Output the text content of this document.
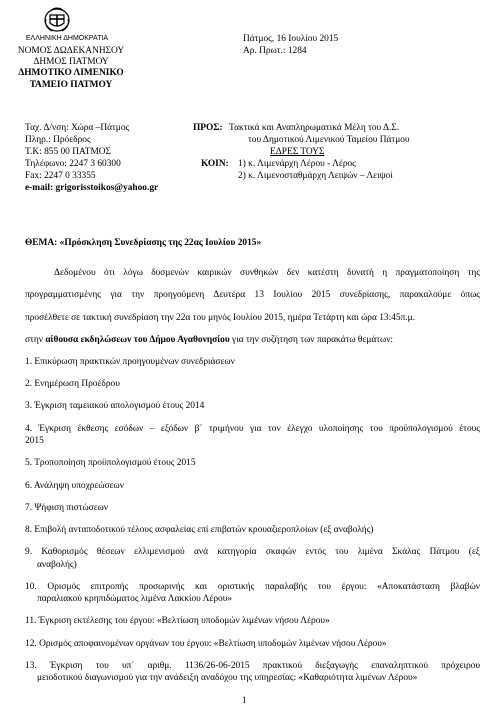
ΕΛΛΗΝΙΚΗ ΔΗΜΟΚΡΑΤΙΑ
ΝΟΜΟΣ ΔΩΔΕΚΑΝΗΣΟΥ
ΔΗΜΟΣ ΠΑΤΜΟΥ
ΔΗΜΟΤΙΚΟ ΛΙΜΕΝΙΚΟ
ΤΑΜΕΙΟ ΠΑΤΜΟΥ
Πάτμος, 16 Ιουλίου 2015
Αρ. Πρωτ.: 1284
Ταχ. Δ/νση: Χώρα –Πάτμος
Πληρ.: Πρόεδρος
Τ.Κ: 855 00 ΠΑΤΜΟΣ
Τηλέφωνο: 2247 3 60300
Fax: 2247 0 33355
e-mail: grigorisstoikos@yahoo.gr
ΠΡΟΣ: Τακτικά και Αναπληρωματικά Μέλη του Δ.Σ.
του Δημοτικού Λιμενικού Ταμείου Πάτμου
ΕΔΡΕΣ ΤΟΥΣ
ΚΟΙΝ: 1) κ. Λιμενάρχη Λέρου - Λέρος
2) κ. Λιμενοσταθμάρχη Λειψών – Λειψοί
ΘΕΜΑ: «Πρόσκληση Συνεδρίασης της 22ας Ιουλίου 2015»
Δεδομένου ότι λόγω δυσμενών καιρικών συνθηκών δεν κατέστη δυνατή η πραγματοποίηση της
προγραμματισμένης για την προηγούμενη Δευτέρα 13 Ιουλίου 2015 συνεδρίασης, παρακαλούμε όπως
προσέλθετε σε τακτική συνεδρίαση την 22α του μηνός Ιουλίου 2015, ημέρα Τετάρτη και ώρα 13:45π.μ.
στην αίθουσα εκδηλώσεων του Δήμου Αγαθονησίου για την συζήτηση των παρακάτω θεμάτων:
1. Επικύρωση πρακτικών προηγουμένων συνεδριάσεων
2. Ενημέρωση Προέδρου
3. Έγκριση ταμειακού απολογισμού έτους 2014
4. Έγκριση έκθεσης εσόδων – εξόδων β΄ τριμήνου για τον έλεγχο υλοποίησης του προϋπολογισμού έτους
2015
5. Τροποποίηση προϋπολογισμού έτους 2015
6. Ανάληψη υποχρεώσεων
7. Ψήφιση πιστώσεων
8. Επιβολή ανταποδοτικού τέλους ασφαλείας επί επιβατών κρουαζιεροπλοίων (εξ αναβολής)
9. Καθορισμός θέσεων ελλιμενισμού ανά κατηγορία σκαφών εντός του λιμένα Σκάλας Πάτμου (εξ
αναβολής)
10. Ορισμός επιτροπής προσωρινής και οριστικής παραλαβής του έργου: «Αποκατάσταση βλαβών
παραλιακού κρηπιδώματος λιμένα Λακκίου Λέρου»
11. Έγκριση εκτέλεσης του έργου: «Βελτίωση υποδομών λιμένων νήσου Λέρου»
12. Ορισμός αποφαινομένων οργάνων του έργου: «Βελτίωση υποδομών λιμένων νήσου Λέρου»
13. Έγκριση του υπ΄ αριθμ. 1136/26-06-2015 πρακτικού διεξαγωγής επαναληπτικού πρόχειρου
μειοδοτικού διαγωνισμού για την ανάδειξη αναδόχου της υπηρεσίας: «Καθαριότητα λιμένων Λέρου»
1
